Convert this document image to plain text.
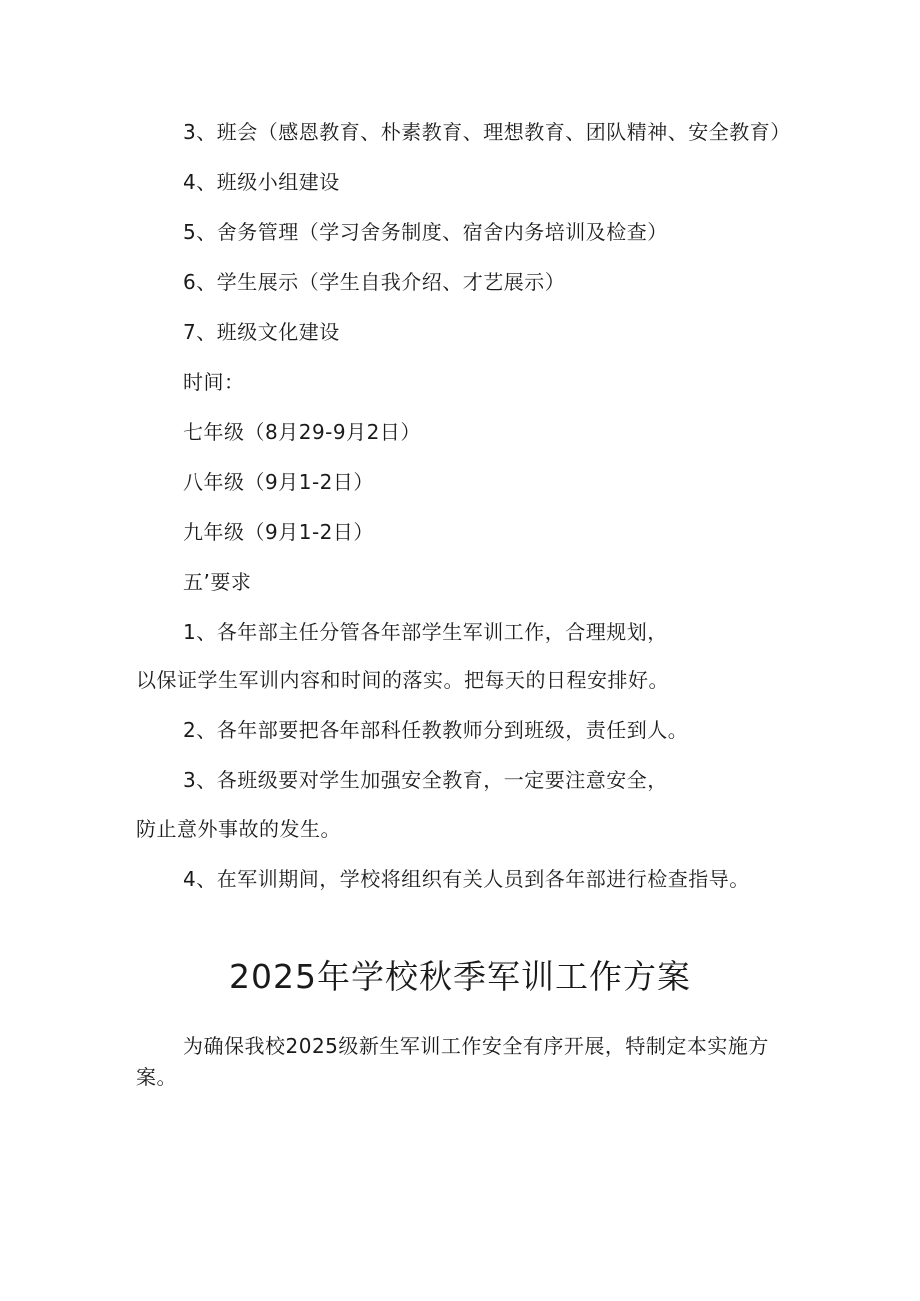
3、班会（感恩教育、朴素教育、理想教育、团队精神、安全教育）
4、班级小组建设
5、舍务管理（学习舍务制度、宿舍内务培训及检查）
6、学生展示（学生自我介绍、才艺展示）
7、班级文化建设
时间：
七年级（8月29-9月2日）
八年级（9月1-2日）
九年级（9月1-2日）
五’要求
1、各年部主任分管各年部学生军训工作，合理规划，
以保证学生军训内容和时间的落实。把每天的日程安排好。
2、各年部要把各年部科任教教师分到班级，责任到人。
3、各班级要对学生加强安全教育，一定要注意安全，
防止意外事故的发生。
4、在军训期间，学校将组织有关人员到各年部进行检查指导。
2025年学校秋季军训工作方案
为确保我校2025级新生军训工作安全有序开展，特制定本实施方
案。
